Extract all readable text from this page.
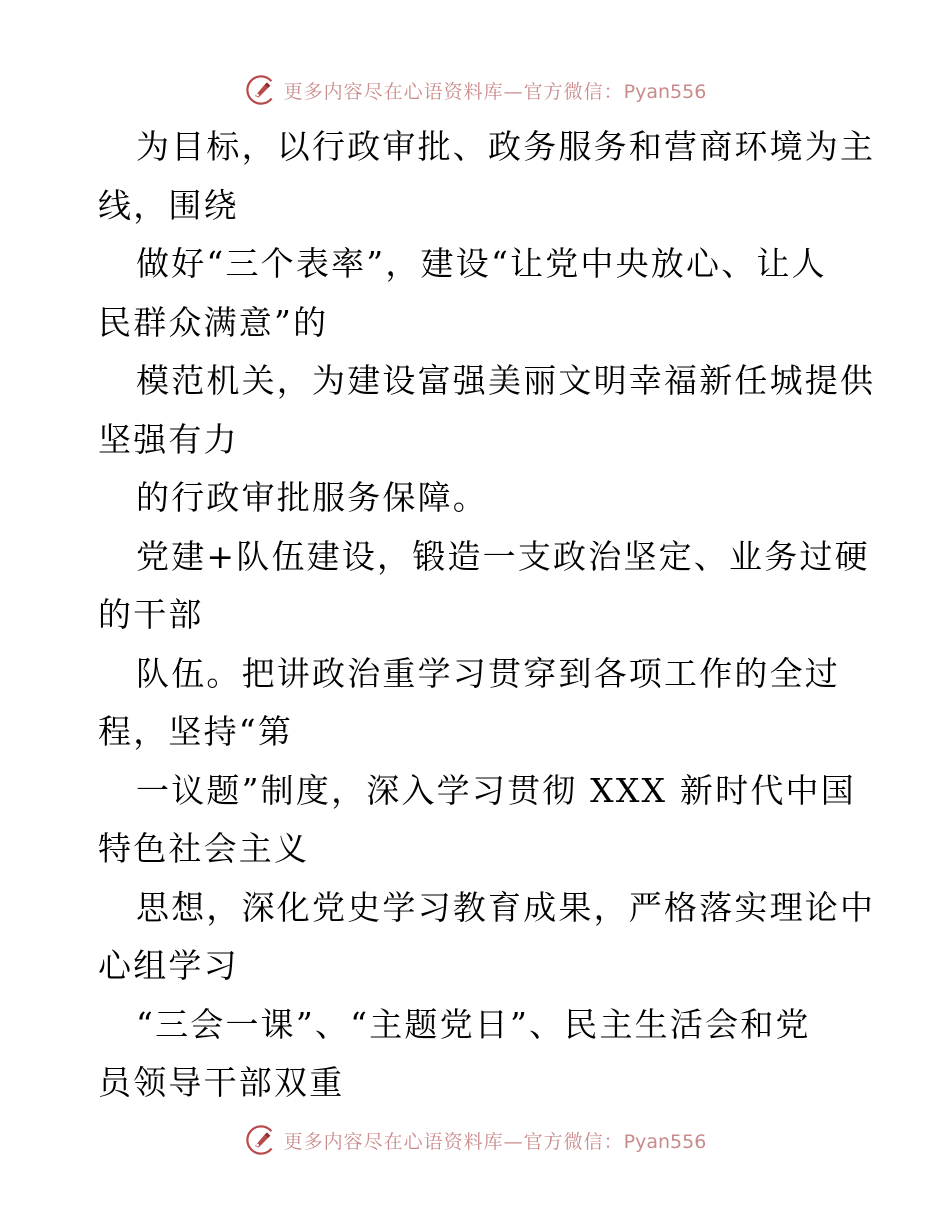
更多内容尽在心语资料库—官方微信：Pyan556
为目标，以行政审批、政务服务和营商环境为主
线，围绕
做好“三个表率”，建设“让党中央放心、让人
民群众满意”的
模范机关，为建设富强美丽文明幸福新任城提供
坚强有力
的行政审批服务保障。
党建+队伍建设，锻造一支政治坚定、业务过硬
的干部
队伍。把讲政治重学习贯穿到各项工作的全过
程，坚持“第
一议题”制度，深入学习贯彻 XXX 新时代中国
特色社会主义
思想，深化党史学习教育成果，严格落实理论中
心组学习
“三会一课”、“主题党日”、民主生活会和党
员领导干部双重
更多内容尽在心语资料库—官方微信：Pyan556
